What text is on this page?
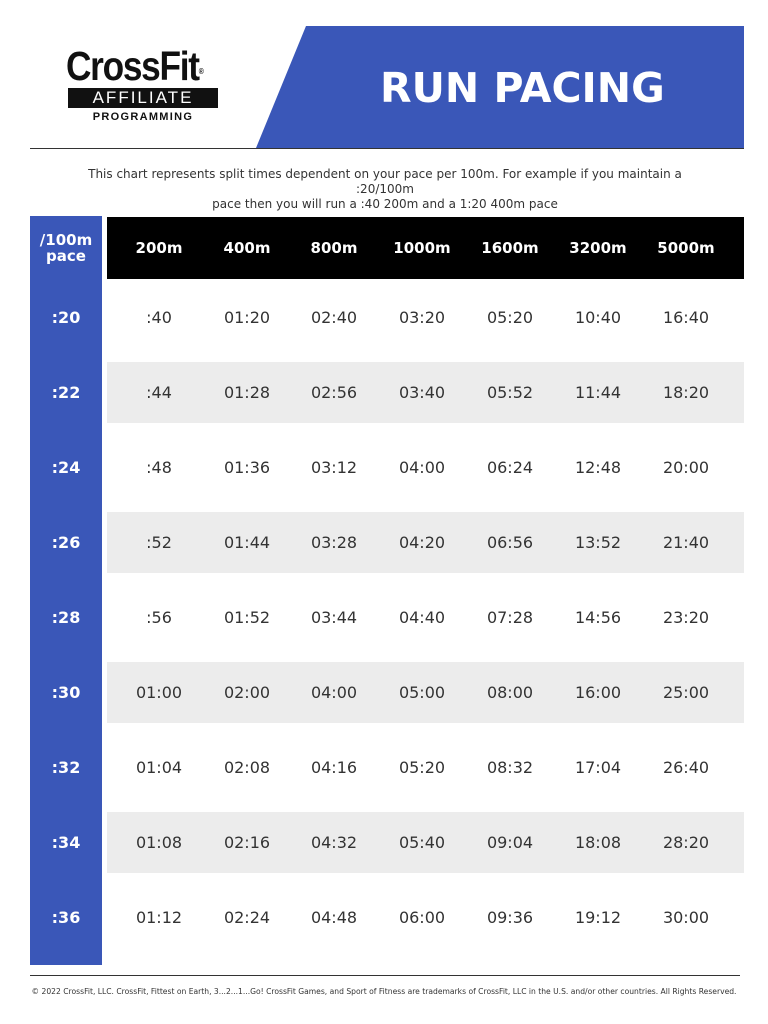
CrossFit®
AFFILIATE
PROGRAMMING
RUN PACING
This chart represents split times dependent on your pace per 100m. For example if you maintain a :20/100m
pace then you will run a :40 200m and a 1:20 400m pace
/100m
pace	200m	400m	800m	1000m	1600m	3200m	5000m
:20	:40	01:20	02:40	03:20	05:20	10:40	16:40
:22	:44	01:28	02:56	03:40	05:52	11:44	18:20
:24	:48	01:36	03:12	04:00	06:24	12:48	20:00
:26	:52	01:44	03:28	04:20	06:56	13:52	21:40
:28	:56	01:52	03:44	04:40	07:28	14:56	23:20
:30	01:00	02:00	04:00	05:00	08:00	16:00	25:00
:32	01:04	02:08	04:16	05:20	08:32	17:04	26:40
:34	01:08	02:16	04:32	05:40	09:04	18:08	28:20
:36	01:12	02:24	04:48	06:00	09:36	19:12	30:00
© 2022 CrossFit, LLC. CrossFit, Fittest on Earth, 3...2...1...Go! CrossFit Games, and Sport of Fitness are trademarks of CrossFit, LLC in the U.S. and/or other countries. All Rights Reserved.
